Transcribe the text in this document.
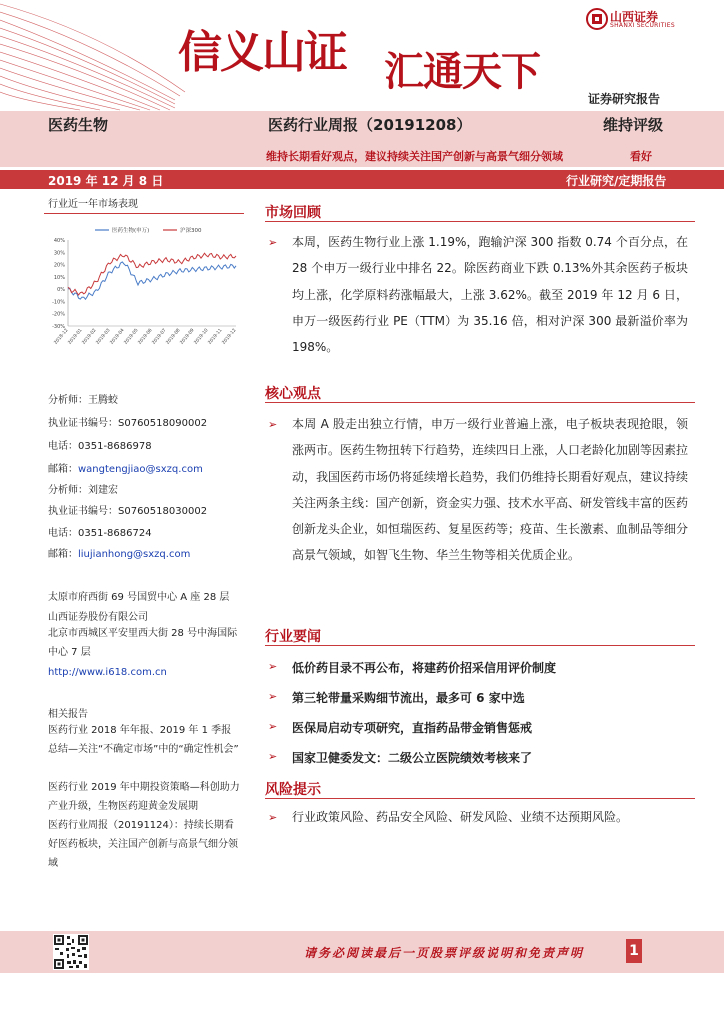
信义山证 汇通天下
山西证券
SHANXI SECURITIES
证券研究报告
医药生物	医药行业周报（20191208）	维持评级
维持长期看好观点，建议持续关注国产创新与高景气细分领域	看好
2019 年 12 月 8 日	行业研究/定期报告
行业近一年市场表现
40%
30%
20%
10%
0%
-10%
-20%
-30%
2018-12
2019-01
2019-02
2019-03
2019-04
2019-05
2019-06
2019-07
2019-08
2019-09
2019-10
2019-11
2019-12
医药生物(申万)	沪深300
分析师：王腾蛟
执业证书编号：S0760518090002
电话：0351-8686978
邮箱：wangtengjiao@sxzq.com
分析师：刘建宏
执业证书编号：S0760518030002
电话：0351-8686724
邮箱：liujianhong@sxzq.com
太原市府西街 69 号国贸中心 A 座 28 层
山西证券股份有限公司
北京市西城区平安里西大街 28 号中海国际中心 7 层
http://www.i618.com.cn
相关报告
医药行业 2018 年年报、2019 年 1 季报总结—关注“不确定市场”中的“确定性机会”
医药行业 2019 年中期投资策略—科创助力产业升级，生物医药迎黄金发展期
医药行业周报（20191124）：持续长期看好医药板块，关注国产创新与高景气细分领域
市场回顾
➢ 本周，医药生物行业上涨 1.19%，跑输沪深 300 指数 0.74 个百分点，在 28 个申万一级行业中排名 22。除医药商业下跌 0.13%外其余医药子板块均上涨，化学原料药涨幅最大，上涨 3.62%。截至 2019 年 12 月 6 日，申万一级医药行业 PE（TTM）为 35.16 倍，相对沪深 300 最新溢价率为 198%。
核心观点
➢ 本周 A 股走出独立行情，申万一级行业普遍上涨，电子板块表现抢眼，领涨两市。医药生物扭转下行趋势，连续四日上涨，人口老龄化加剧等因素拉动，我国医药市场仍将延续增长趋势，我们仍维持长期看好观点，建议持续关注两条主线：国产创新，资金实力强、技术水平高、研发管线丰富的医药创新龙头企业，如恒瑞医药、复星医药等；疫苗、生长激素、血制品等细分高景气领域，如智飞生物、华兰生物等相关优质企业。
行业要闻
➢ 低价药目录不再公布，将建药价招采信用评价制度
➢ 第三轮带量采购细节流出，最多可 6 家中选
➢ 医保局启动专项研究，直指药品带金销售惩戒
➢ 国家卫健委发文：二级公立医院绩效考核来了
风险提示
➢ 行业政策风险、药品安全风险、研发风险、业绩不达预期风险。
请务必阅读最后一页股票评级说明和免责声明	1
